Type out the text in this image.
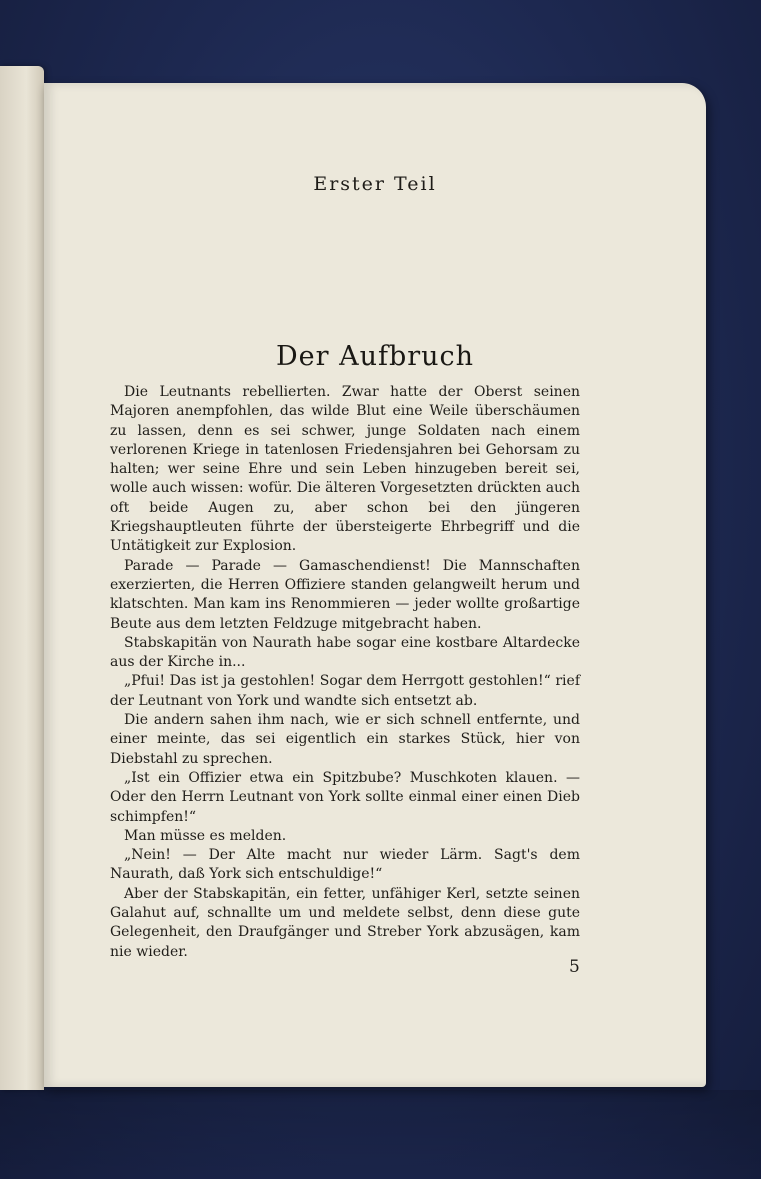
Erster Teil
Der Aufbruch

Die Leutnants rebellierten. Zwar hatte der Oberst seinen Majoren anempfohlen, das wilde Blut eine Weile überschäumen zu lassen, denn es sei schwer, junge Soldaten nach einem verlorenen Kriege in tatenlosen Friedensjahren bei Gehorsam zu halten; wer seine Ehre und sein Leben hinzugeben bereit sei, wolle auch wissen: wofür. Die älteren Vorgesetzten drückten auch oft beide Augen zu, aber schon bei den jüngeren Kriegshauptleuten führte der übersteigerte Ehrbegriff und die Untätigkeit zur Explosion.

Parade — Parade — Gamaschendienst! Die Mannschaften exerzierten, die Herren Offiziere standen gelangweilt herum und klatschten. Man kam ins Renommieren — jeder wollte großartige Beute aus dem letzten Feldzuge mitgebracht haben.

Stabskapitän von Naurath habe sogar eine kostbare Altardecke aus der Kirche in...

„Pfui! Das ist ja gestohlen! Sogar dem Herrgott gestohlen!“ rief der Leutnant von York und wandte sich entsetzt ab.

Die andern sahen ihm nach, wie er sich schnell entfernte, und einer meinte, das sei eigentlich ein starkes Stück, hier von Diebstahl zu sprechen.

„Ist ein Offizier etwa ein Spitzbube? Muschkoten klauen. — Oder den Herrn Leutnant von York sollte einmal einer einen Dieb schimpfen!“

Man müsse es melden.

„Nein! — Der Alte macht nur wieder Lärm. Sagt's dem Naurath, daß York sich entschuldige!“

Aber der Stabskapitän, ein fetter, unfähiger Kerl, setzte seinen Galahut auf, schnallte um und meldete selbst, denn diese gute Gelegenheit, den Draufgänger und Streber York abzusägen, kam nie wieder.

5
